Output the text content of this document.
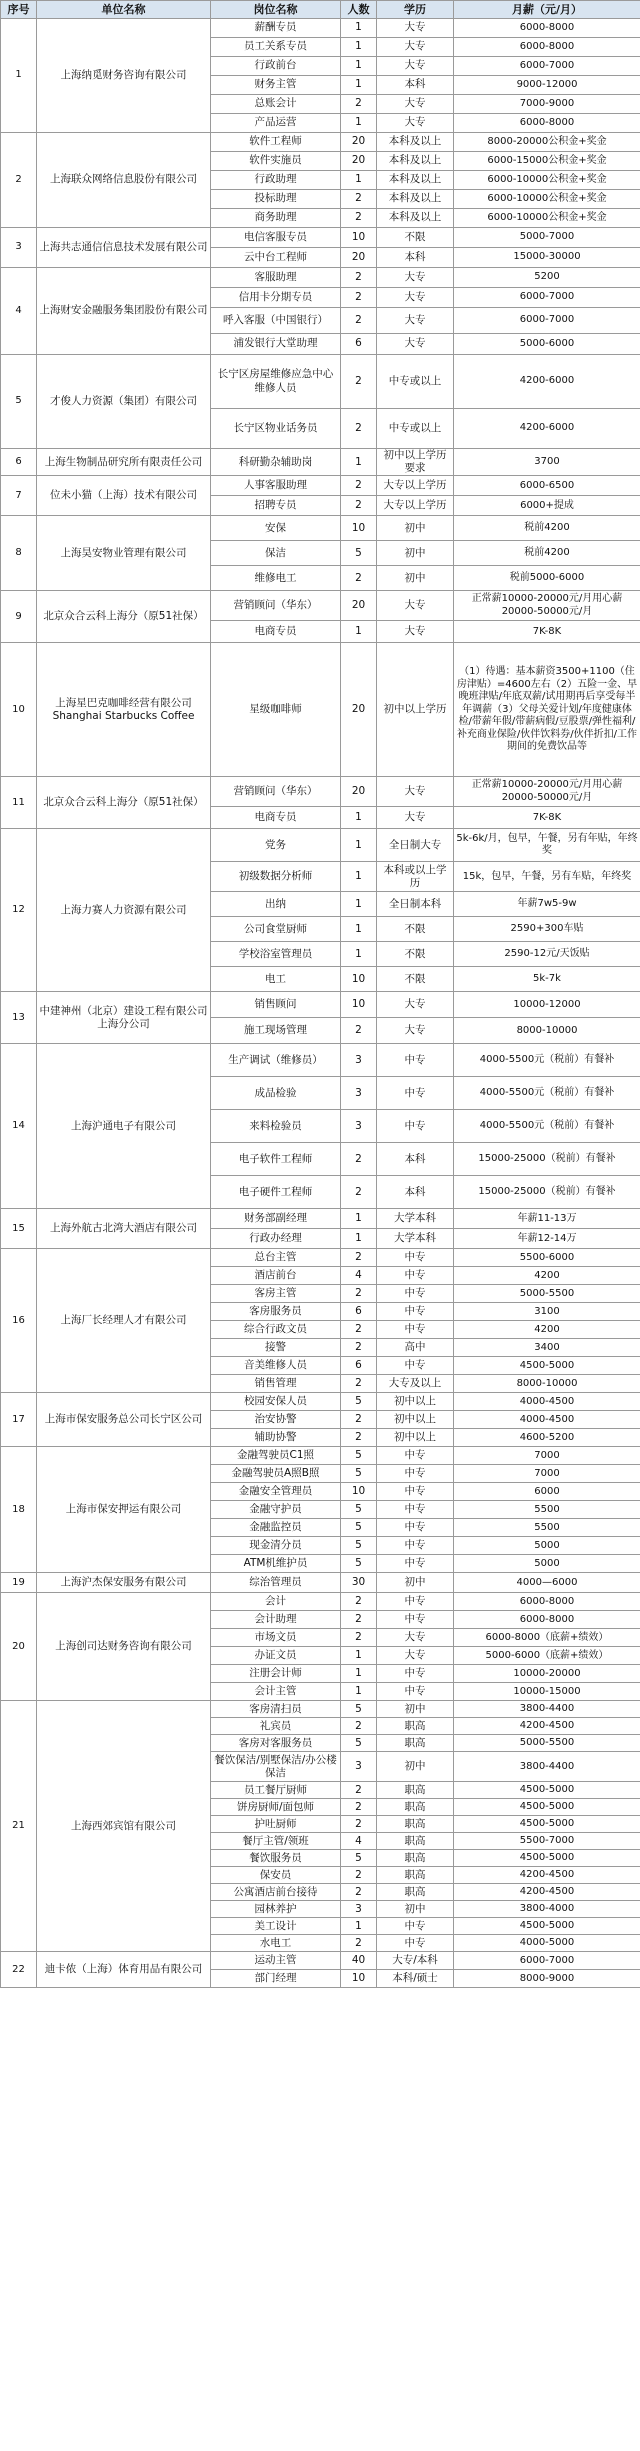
序号	单位名称	岗位名称	人数	学历	月薪（元/月）
1	上海纳觅财务咨询有限公司	薪酬专员	1	大专	6000-8000
		员工关系专员	1	大专	6000-8000
		行政前台	1	大专	6000-7000
		财务主管	1	本科	9000-12000
		总账会计	2	大专	7000-9000
		产品运营	1	大专	6000-8000
2	上海联众网络信息股份有限公司	软件工程师	20	本科及以上	8000-20000公积金+奖金
		软件实施员	20	本科及以上	6000-15000公积金+奖金
		行政助理	1	本科及以上	6000-10000公积金+奖金
		投标助理	2	本科及以上	6000-10000公积金+奖金
		商务助理	2	本科及以上	6000-10000公积金+奖金
3	上海共志通信信息技术发展有限公司	电信客服专员	10	不限	5000-7000
		云中台工程师	20	本科	15000-30000
4	上海财安金融服务集团股份有限公司	客服助理	2	大专	5200
		信用卡分期专员	2	大专	6000-7000
		呼入客服（中国银行）	2	大专	6000-7000
		浦发银行大堂助理	6	大专	5000-6000
5	才俊人力资源（集团）有限公司	长宁区房屋维修应急中心维修人员	2	中专或以上	4200-6000
		长宁区物业话务员	2	中专或以上	4200-6000
6	上海生物制品研究所有限责任公司	科研勤杂辅助岗	1	初中以上学历要求	3700
7	位未小猫（上海）技术有限公司	人事客服助理	2	大专以上学历	6000-6500
		招聘专员	2	大专以上学历	6000+提成
8	上海昊安物业管理有限公司	安保	10	初中	税前4200
		保洁	5	初中	税前4200
		维修电工	2	初中	税前5000-6000
9	北京众合云科上海分（原51社保）	营销顾问（华东）	20	大专	正常薪10000-20000元/月用心薪20000-50000元/月
		电商专员	1	大专	7K-8K
10	上海星巴克咖啡经营有限公司 Shanghai Starbucks Coffee	星级咖啡师	20	初中以上学历	（1）待遇：基本薪资3500+1100（住房津贴）=4600左右（2）五险一金、早晚班津贴/年底双薪/试用期再后享受每半年调薪（3）父母关爱计划/年度健康体检/带薪年假/带薪病假/豆股票/弹性福利/补充商业保险/伙伴饮料券/伙伴折扣/工作期间的免费饮品等
11	北京众合云科上海分（原51社保）	营销顾问（华东）	20	大专	正常薪10000-20000元/月用心薪20000-50000元/月
		电商专员	1	大专	7K-8K
12	上海力赛人力资源有限公司	党务	1	全日制大专	5k-6k/月，包早，午餐，另有年贴，年终奖
		初级数据分析师	1	本科或以上学历	15k，包早，午餐，另有车贴，年终奖
		出纳	1	全日制本科	年薪7w5-9w
		公司食堂厨师	1	不限	2590+300车贴
		学校浴室管理员	1	不限	2590-12元/天饭贴
		电工	10	不限	5k-7k
13	中建神州（北京）建设工程有限公司上海分公司	销售顾问	10	大专	10000-12000
		施工现场管理	2	大专	8000-10000
14	上海沪通电子有限公司	生产调试（维修员）	3	中专	4000-5500元（税前）有餐补
		成品检验	3	中专	4000-5500元（税前）有餐补
		来料检验员	3	中专	4000-5500元（税前）有餐补
		电子软件工程师	2	本科	15000-25000（税前）有餐补
		电子硬件工程师	2	本科	15000-25000（税前）有餐补
15	上海外航古北湾大酒店有限公司	财务部副经理	1	大学本科	年薪11-13万
		行政办经理	1	大学本科	年薪12-14万
16	上海厂长经理人才有限公司	总台主管	2	中专	5500-6000
		酒店前台	4	中专	4200
		客房主管	2	中专	5000-5500
		客房服务员	6	中专	3100
		综合行政文员	2	中专	4200
		接警	2	高中	3400
		音美维修人员	6	中专	4500-5000
		销售管理	2	大专及以上	8000-10000
17	上海市保安服务总公司长宁区公司	校园安保人员	5	初中以上	4000-4500
		治安协警	2	初中以上	4000-4500
		辅助协警	2	初中以上	4600-5200
18	上海市保安押运有限公司	金融驾驶员C1照	5	中专	7000
		金融驾驶员A照B照	5	中专	7000
		金融安全管理员	10	中专	6000
		金融守护员	5	中专	5500
		金融监控员	5	中专	5500
		现金清分员	5	中专	5000
		ATM机维护员	5	中专	5000
19	上海沪杰保安服务有限公司	综治管理员	30	初中	4000—6000
20	上海创司达财务咨询有限公司	会计	2	中专	6000-8000
		会计助理	2	中专	6000-8000
		市场文员	2	大专	6000-8000（底薪+绩效）
		办证文员	1	大专	5000-6000（底薪+绩效）
		注册会计师	1	中专	10000-20000
		会计主管	1	中专	10000-15000
21	上海西郊宾馆有限公司	客房清扫员	5	初中	3800-4400
		礼宾员	2	职高	4200-4500
		客房对客服务员	5	职高	5000-5500
		餐饮保洁/别墅保洁/办公楼保洁	3	初中	3800-4400
		员工餐厅厨师	2	职高	4500-5000
		饼房厨师/面包师	2	职高	4500-5000
		护吐厨师	2	职高	4500-5000
		餐厅主管/领班	4	职高	5500-7000
		餐饮服务员	5	职高	4500-5000
		保安员	2	职高	4200-4500
		公寓酒店前台接待	2	职高	4200-4500
		园林养护	3	初中	3800-4000
		美工设计	1	中专	4500-5000
		水电工	2	中专	4000-5000
22	迪卡侬（上海）体育用品有限公司	运动主管	40	大专/本科	6000-7000
		部门经理	10	本科/硕士	8000-9000
